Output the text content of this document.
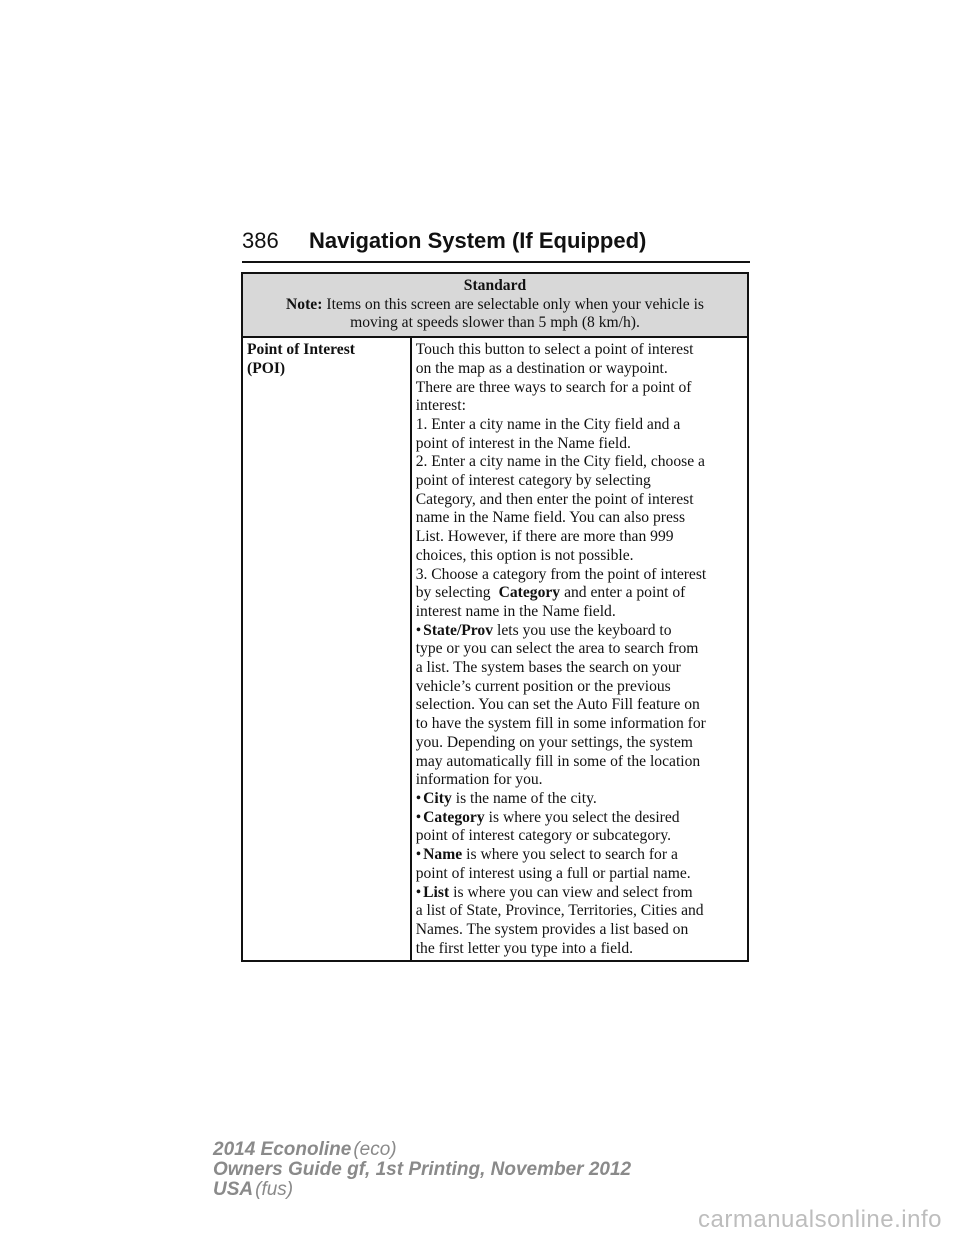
386 Navigation System (If Equipped)
Standard
Note: Items on this screen are selectable only when your vehicle is
moving at speeds slower than 5 mph (8 km/h).

Point of Interest
(POI)

Touch this button to select a point of interest
on the map as a destination or waypoint.
There are three ways to search for a point of
interest:
1. Enter a city name in the City field and a
point of interest in the Name field.
2. Enter a city name in the City field, choose a
point of interest category by selecting
Category, and then enter the point of interest
name in the Name field. You can also press
List. However, if there are more than 999
choices, this option is not possible.
3. Choose a category from the point of interest
by selecting Category and enter a point of
interest name in the Name field.
• State/Prov lets you use the keyboard to
type or you can select the area to search from
a list. The system bases the search on your
vehicle’s current position or the previous
selection. You can set the Auto Fill feature on
to have the system fill in some information for
you. Depending on your settings, the system
may automatically fill in some of the location
information for you.
• City is the name of the city.
• Category is where you select the desired
point of interest category or subcategory.
• Name is where you select to search for a
point of interest using a full or partial name.
• List is where you can view and select from
a list of State, Province, Territories, Cities and
Names. The system provides a list based on
the first letter you type into a field.
2014 Econoline (eco)
Owners Guide gf, 1st Printing, November 2012
USA (fus)
carmanualsonline.info
